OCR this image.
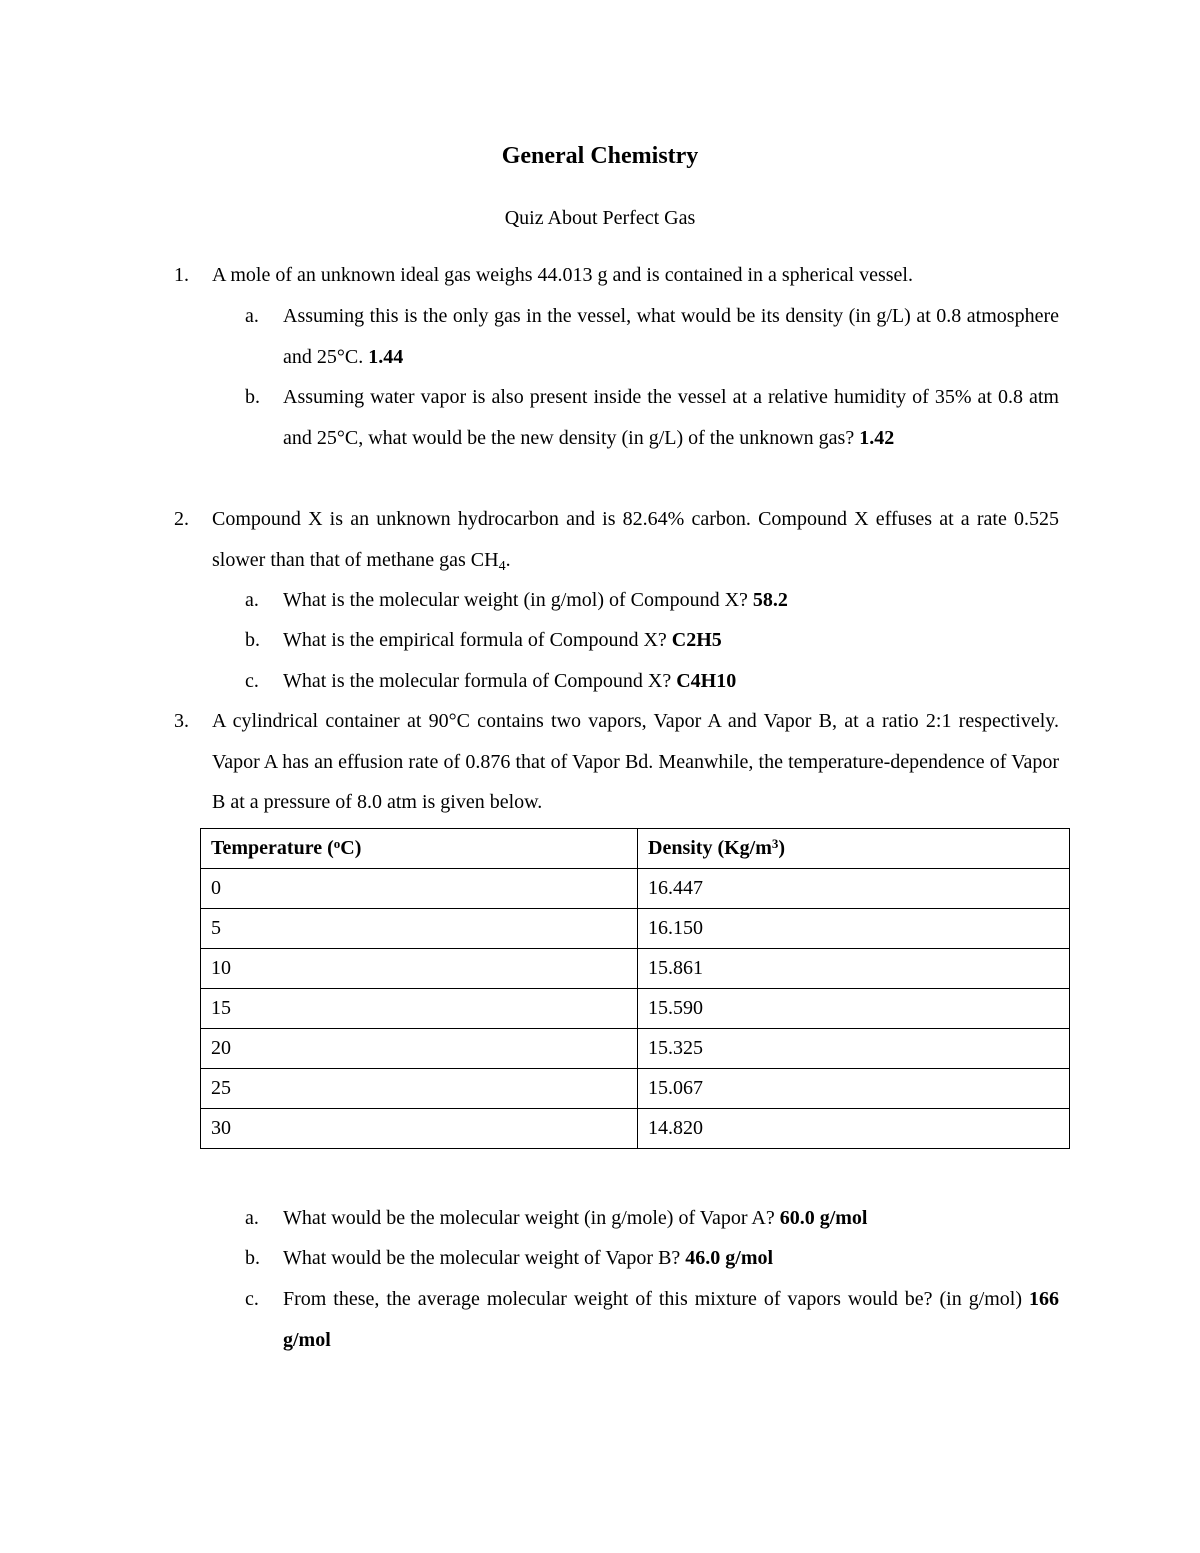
General Chemistry
Quiz About Perfect Gas
1. A mole of an unknown ideal gas weighs 44.013 g and is contained in a spherical vessel.
a. Assuming this is the only gas in the vessel, what would be its density (in g/L) at 0.8 atmosphere and 25°C. 1.44
b. Assuming water vapor is also present inside the vessel at a relative humidity of 35% at 0.8 atm and 25°C, what would be the new density (in g/L) of the unknown gas? 1.42
2. Compound X is an unknown hydrocarbon and is 82.64% carbon. Compound X effuses at a rate 0.525 slower than that of methane gas $CH_4$.
a. What is the molecular weight (in g/mol) of Compound X? 58.2
b. What is the empirical formula of Compound X? C2H5
c. What is the molecular formula of Compound X? C4H10
3. A cylindrical container at 90°C contains two vapors, Vapor A and Vapor B, at a ratio 2:1 respectively. Vapor A has an effusion rate of 0.876 that of Vapor Bd. Meanwhile, the temperature-dependence of Vapor B at a pressure of 8.0 atm is given below.
Temperature ($^o$C)	Density $(Kg/m^3)$
0	16.447
5	16.150
10	15.861
15	15.590
20	15.325
25	15.067
30	14.820
a. What would be the molecular weight (in g/mole) of Vapor A? 60.0 g/mol
b. What would be the molecular weight of Vapor B? 46.0 g/mol
c. From these, the average molecular weight of this mixture of vapors would be? (in g/mol) 166 g/mol
